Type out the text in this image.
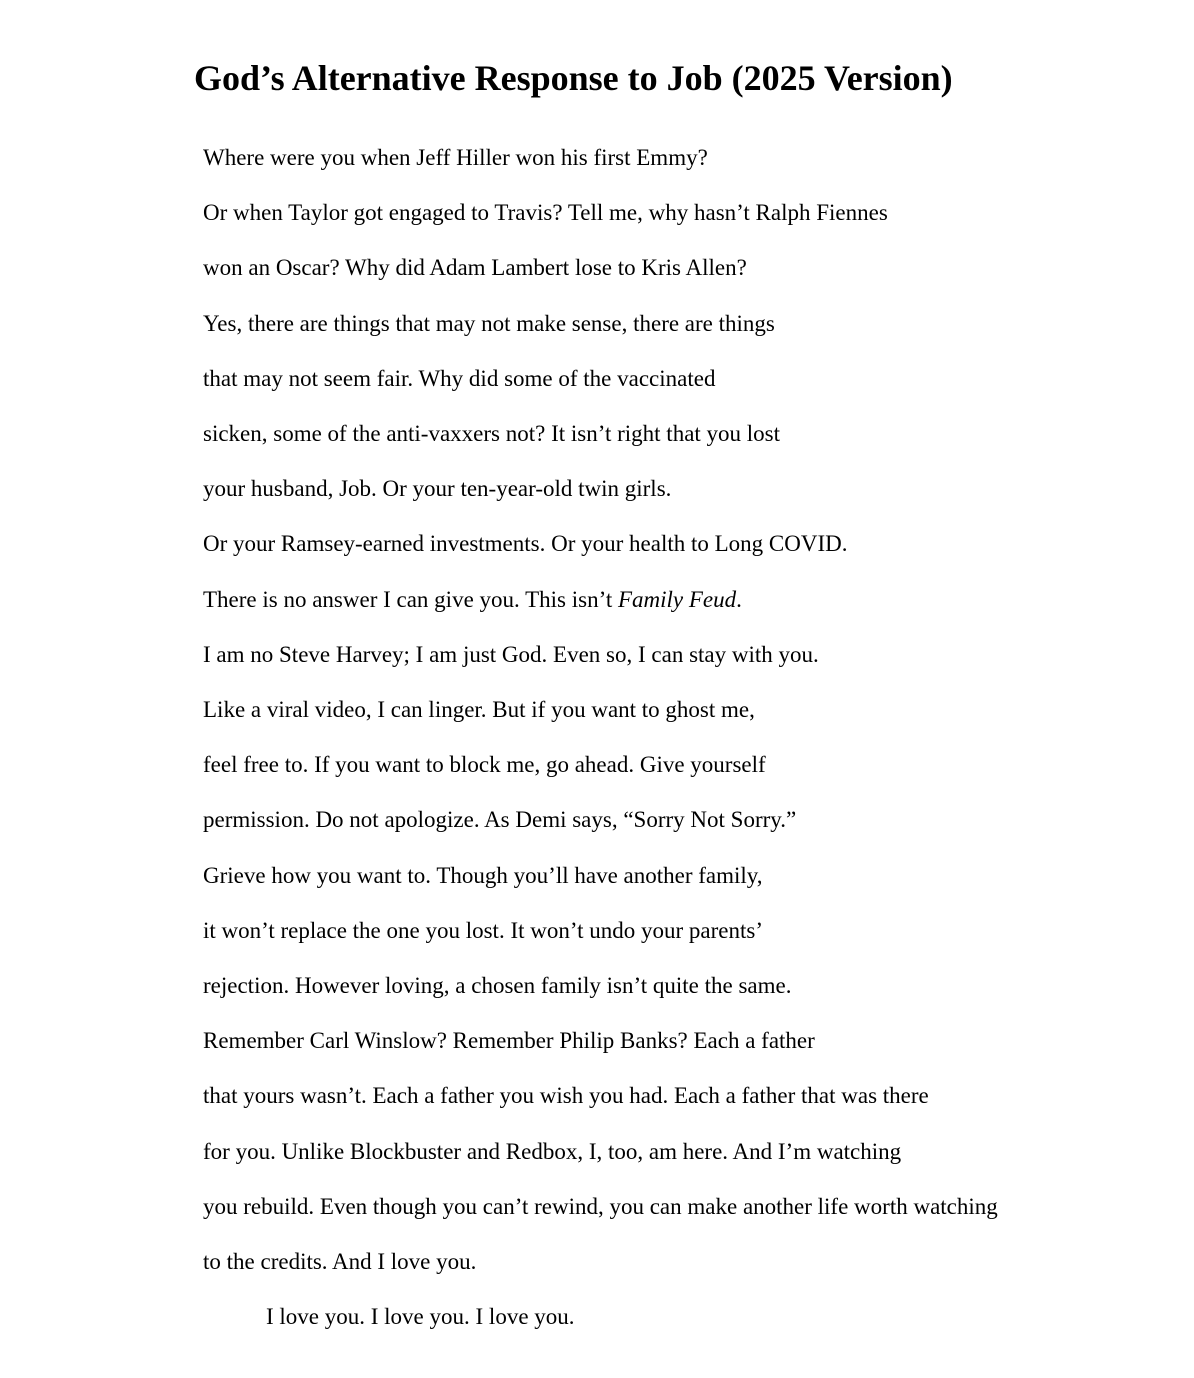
God’s Alternative Response to Job (2025 Version)
Where were you when Jeff Hiller won his first Emmy?
Or when Taylor got engaged to Travis? Tell me, why hasn’t Ralph Fiennes
won an Oscar? Why did Adam Lambert lose to Kris Allen?
Yes, there are things that may not make sense, there are things
that may not seem fair. Why did some of the vaccinated
sicken, some of the anti-vaxxers not? It isn’t right that you lost
your husband, Job. Or your ten-year-old twin girls.
Or your Ramsey-earned investments. Or your health to Long COVID.
There is no answer I can give you. This isn’t Family Feud.
I am no Steve Harvey; I am just God. Even so, I can stay with you.
Like a viral video, I can linger. But if you want to ghost me,
feel free to. If you want to block me, go ahead. Give yourself
permission. Do not apologize. As Demi says, “Sorry Not Sorry.”
Grieve how you want to. Though you’ll have another family,
it won’t replace the one you lost. It won’t undo your parents’
rejection. However loving, a chosen family isn’t quite the same.
Remember Carl Winslow? Remember Philip Banks? Each a father
that yours wasn’t. Each a father you wish you had. Each a father that was there
for you. Unlike Blockbuster and Redbox, I, too, am here. And I’m watching
you rebuild. Even though you can’t rewind, you can make another life worth watching
to the credits. And I love you.
I love you. I love you. I love you.
